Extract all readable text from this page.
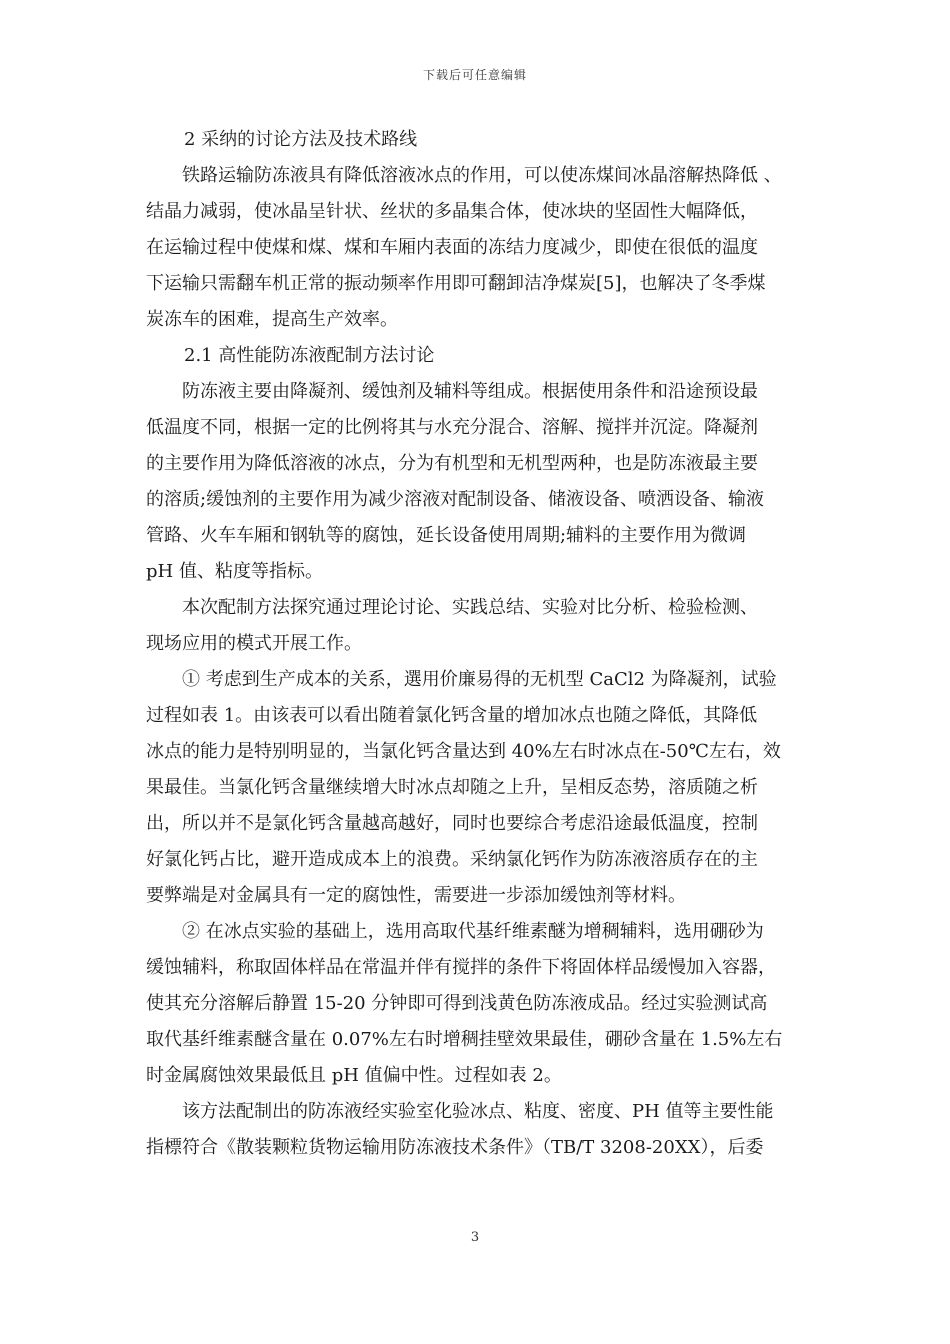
下载后可任意编辑
2 采纳的讨论方法及技术路线
铁路运输防冻液具有降低溶液冰点的作用，可以使冻煤间冰晶溶解热降低 、
结晶力减弱，使冰晶呈针状、丝状的多晶集合体，使冰块的坚固性大幅降低，
在运输过程中使煤和煤、煤和车厢内表面的冻结力度减少，即使在很低的温度
下运输只需翻车机正常的振动频率作用即可翻卸洁净煤炭[5]，也解决了冬季煤
炭冻车的困难，提高生产效率。
2.1 高性能防冻液配制方法讨论
防冻液主要由降凝剂、缓蚀剂及辅料等组成。根据使用条件和沿途预设最
低温度不同，根据一定的比例将其与水充分混合、溶解、搅拌并沉淀。降凝剂
的主要作用为降低溶液的冰点，分为有机型和无机型两种，也是防冻液最主要
的溶质;缓蚀剂的主要作用为减少溶液对配制设备、储液设备、喷洒设备、输液
管路、火车车厢和钢轨等的腐蚀，延长设备使用周期;辅料的主要作用为微调
pH 值、粘度等指标。
本次配制方法探究通过理论讨论、实践总结、实验对比分析、检验检测、
现场应用的模式开展工作。
① 考虑到生产成本的关系，選用价廉易得的无机型 CaCl2 为降凝剂，试验
过程如表 1。由该表可以看出随着氯化钙含量的增加冰点也随之降低，其降低
冰点的能力是特别明显的，当氯化钙含量达到 40%左右时冰点在-50℃左右，效
果最佳。当氯化钙含量继续增大时冰点却随之上升，呈相反态势，溶质随之析
出，所以并不是氯化钙含量越高越好，同时也要综合考虑沿途最低温度，控制
好氯化钙占比，避开造成成本上的浪费。采纳氯化钙作为防冻液溶质存在的主
要弊端是对金属具有一定的腐蚀性，需要进一步添加缓蚀剂等材料。
② 在冰点实验的基础上，选用高取代基纤维素醚为增稠辅料，选用硼砂为
缓蚀辅料，称取固体样品在常温并伴有搅拌的条件下将固体样品缓慢加入容器，
使其充分溶解后静置 15-20 分钟即可得到浅黄色防冻液成品。经过实验测试高
取代基纤维素醚含量在 0.07%左右时增稠挂壁效果最佳，硼砂含量在 1.5%左右
时金属腐蚀效果最低且 pH 值偏中性。过程如表 2。
该方法配制出的防冻液经实验室化验冰点、粘度、密度、PH 值等主要性能
指標符合《散装颗粒货物运输用防冻液技术条件》（TB/T 3208-20XX），后委
3
